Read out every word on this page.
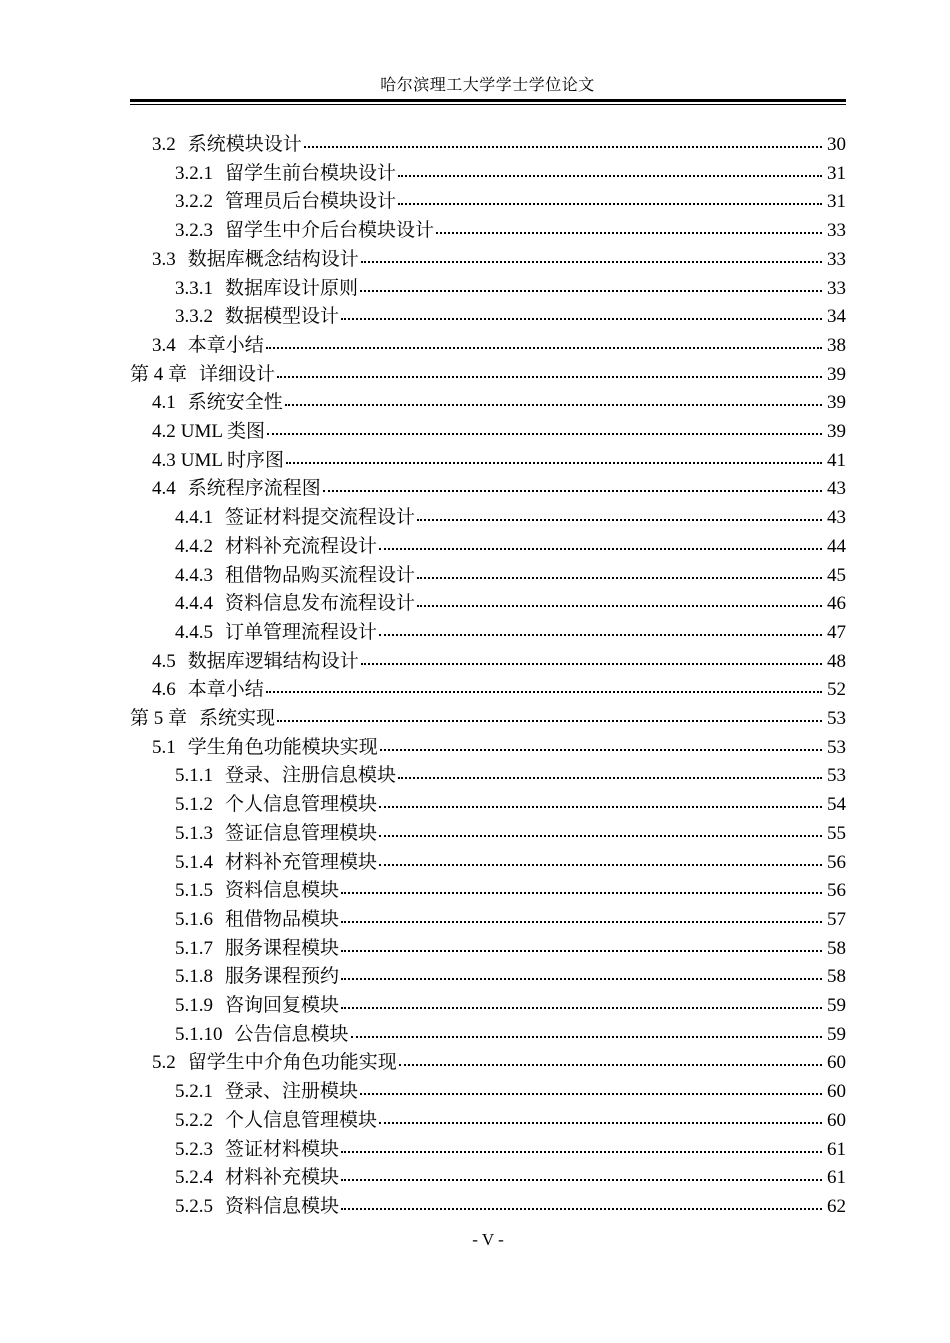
哈尔滨理工大学学士学位论文
3.2 系统模块设计	30
3.2.1 留学生前台模块设计	31
3.2.2 管理员后台模块设计	31
3.2.3 留学生中介后台模块设计	33
3.3 数据库概念结构设计	33
3.3.1 数据库设计原则	33
3.3.2 数据模型设计	34
3.4 本章小结	38
第 4 章 详细设计	39
4.1 系统安全性	39
4.2 UML 类图	39
4.3 UML 时序图	41
4.4 系统程序流程图	43
4.4.1 签证材料提交流程设计	43
4.4.2 材料补充流程设计	44
4.4.3 租借物品购买流程设计	45
4.4.4 资料信息发布流程设计	46
4.4.5 订单管理流程设计	47
4.5 数据库逻辑结构设计	48
4.6 本章小结	52
第 5 章 系统实现	53
5.1 学生角色功能模块实现	53
5.1.1 登录、注册信息模块	53
5.1.2 个人信息管理模块	54
5.1.3 签证信息管理模块	55
5.1.4 材料补充管理模块	56
5.1.5 资料信息模块	56
5.1.6 租借物品模块	57
5.1.7 服务课程模块	58
5.1.8 服务课程预约	58
5.1.9 咨询回复模块	59
5.1.10 公告信息模块	59
5.2 留学生中介角色功能实现	60
5.2.1 登录、注册模块	60
5.2.2 个人信息管理模块	60
5.2.3 签证材料模块	61
5.2.4 材料补充模块	61
5.2.5 资料信息模块	62
- V -
